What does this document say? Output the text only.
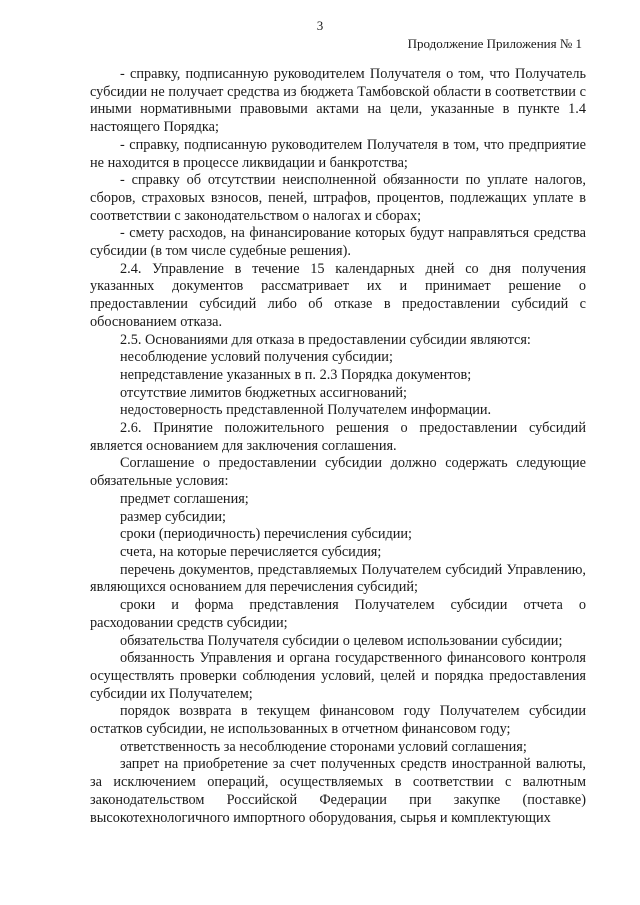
3
Продолжение Приложения № 1

- справку, подписанную руководителем Получателя о том, что Получатель субсидии не получает средства из бюджета Тамбовской области в соответствии с иными нормативными правовыми актами на цели, указанные в пункте 1.4 настоящего Порядка;

- справку, подписанную руководителем Получателя в том, что предприятие не находится в процессе ликвидации и банкротства;

- справку об отсутствии неисполненной обязанности по уплате налогов, сборов, страховых взносов, пеней, штрафов, процентов, подлежащих уплате в соответствии с законодательством о налогах и сборах;

- смету расходов, на финансирование которых будут направляться средства субсидии (в том числе судебные решения).

2.4. Управление в течение 15 календарных дней со дня получения указанных документов рассматривает их и принимает решение о предоставлении субсидий либо об отказе в предоставлении субсидий с обоснованием отказа.

2.5. Основаниями для отказа в предоставлении субсидии являются:

несоблюдение условий получения субсидии;

непредставление указанных в п. 2.3 Порядка документов;

отсутствие лимитов бюджетных ассигнований;

недостоверность представленной Получателем информации.

2.6. Принятие положительного решения о предоставлении субсидий является основанием для заключения соглашения.

Соглашение о предоставлении субсидии должно содержать следующие обязательные условия:

предмет соглашения;

размер субсидии;

сроки (периодичность) перечисления субсидии;

счета, на которые перечисляется субсидия;

перечень документов, представляемых Получателем субсидий Управлению, являющихся основанием для перечисления субсидий;

сроки и форма представления Получателем субсидии отчета о расходовании средств субсидии;

обязательства Получателя субсидии о целевом использовании субсидии;

обязанность Управления и органа государственного финансового контроля осуществлять проверки соблюдения условий, целей и порядка предоставления субсидии их Получателем;

порядок возврата в текущем финансовом году Получателем субсидии остатков субсидии, не использованных в отчетном финансовом году;

ответственность за несоблюдение сторонами условий соглашения;

запрет на приобретение за счет полученных средств иностранной валюты, за исключением операций, осуществляемых в соответствии с валютным законодательством Российской Федерации при закупке (поставке) высокотехнологичного импортного оборудования, сырья и комплектующих
